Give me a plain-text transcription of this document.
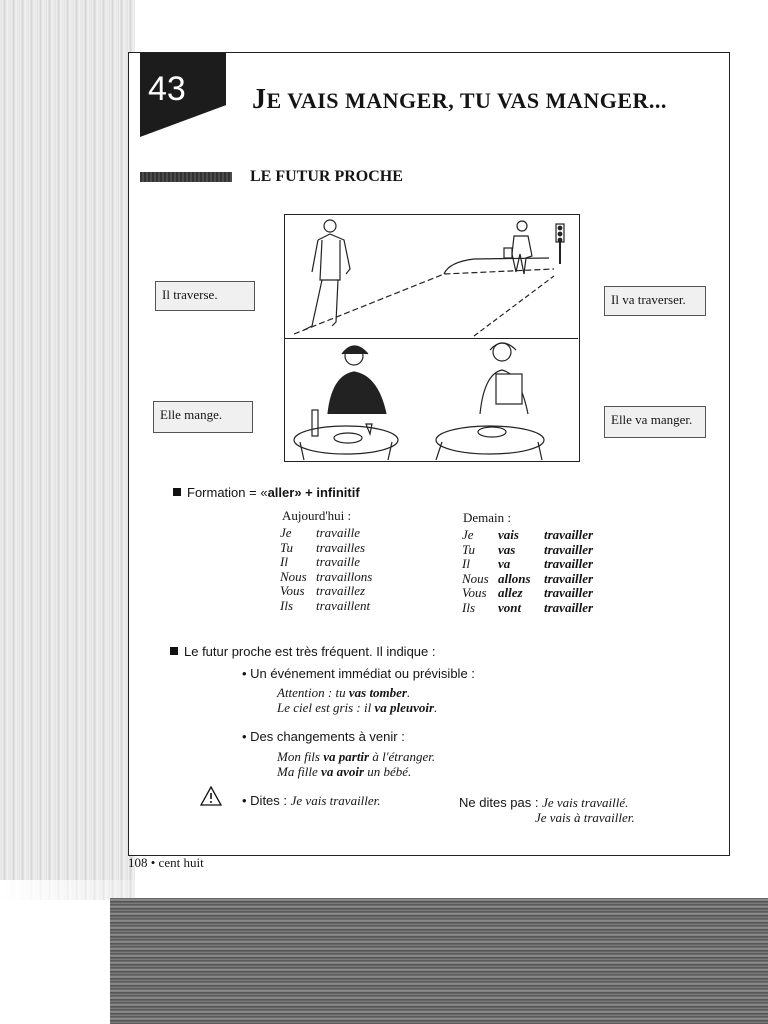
43 JE VAIS MANGER, TU VAS MANGER...
LE FUTUR PROCHE
Il traverse.	Il va traverser.
Elle mange.	Elle va manger.
Formation = «aller» + infinitif
Aujourd'hui :
Je	travaille
Tu	travailles
Il	travaille
Nous travaillons
Vous travaillez
Ils	travaillent
Demain :
Je	vais	travailler
Tu	vas	travailler
Il	va	travailler
Nous allons	travailler
Vous allez	travailler
Ils	vont	travailler
Le futur proche est très fréquent. Il indique :
• Un événement immédiat ou prévisible :
Attention : tu vas tomber.
Le ciel est gris : il va pleuvoir.
• Des changements à venir :
Mon fils va partir à l'étranger.
Ma fille va avoir un bébé.
• Dites : Je vais travailler.	Ne dites pas : Je vais travaillé.
Je vais à travailler.
108 • cent huit
